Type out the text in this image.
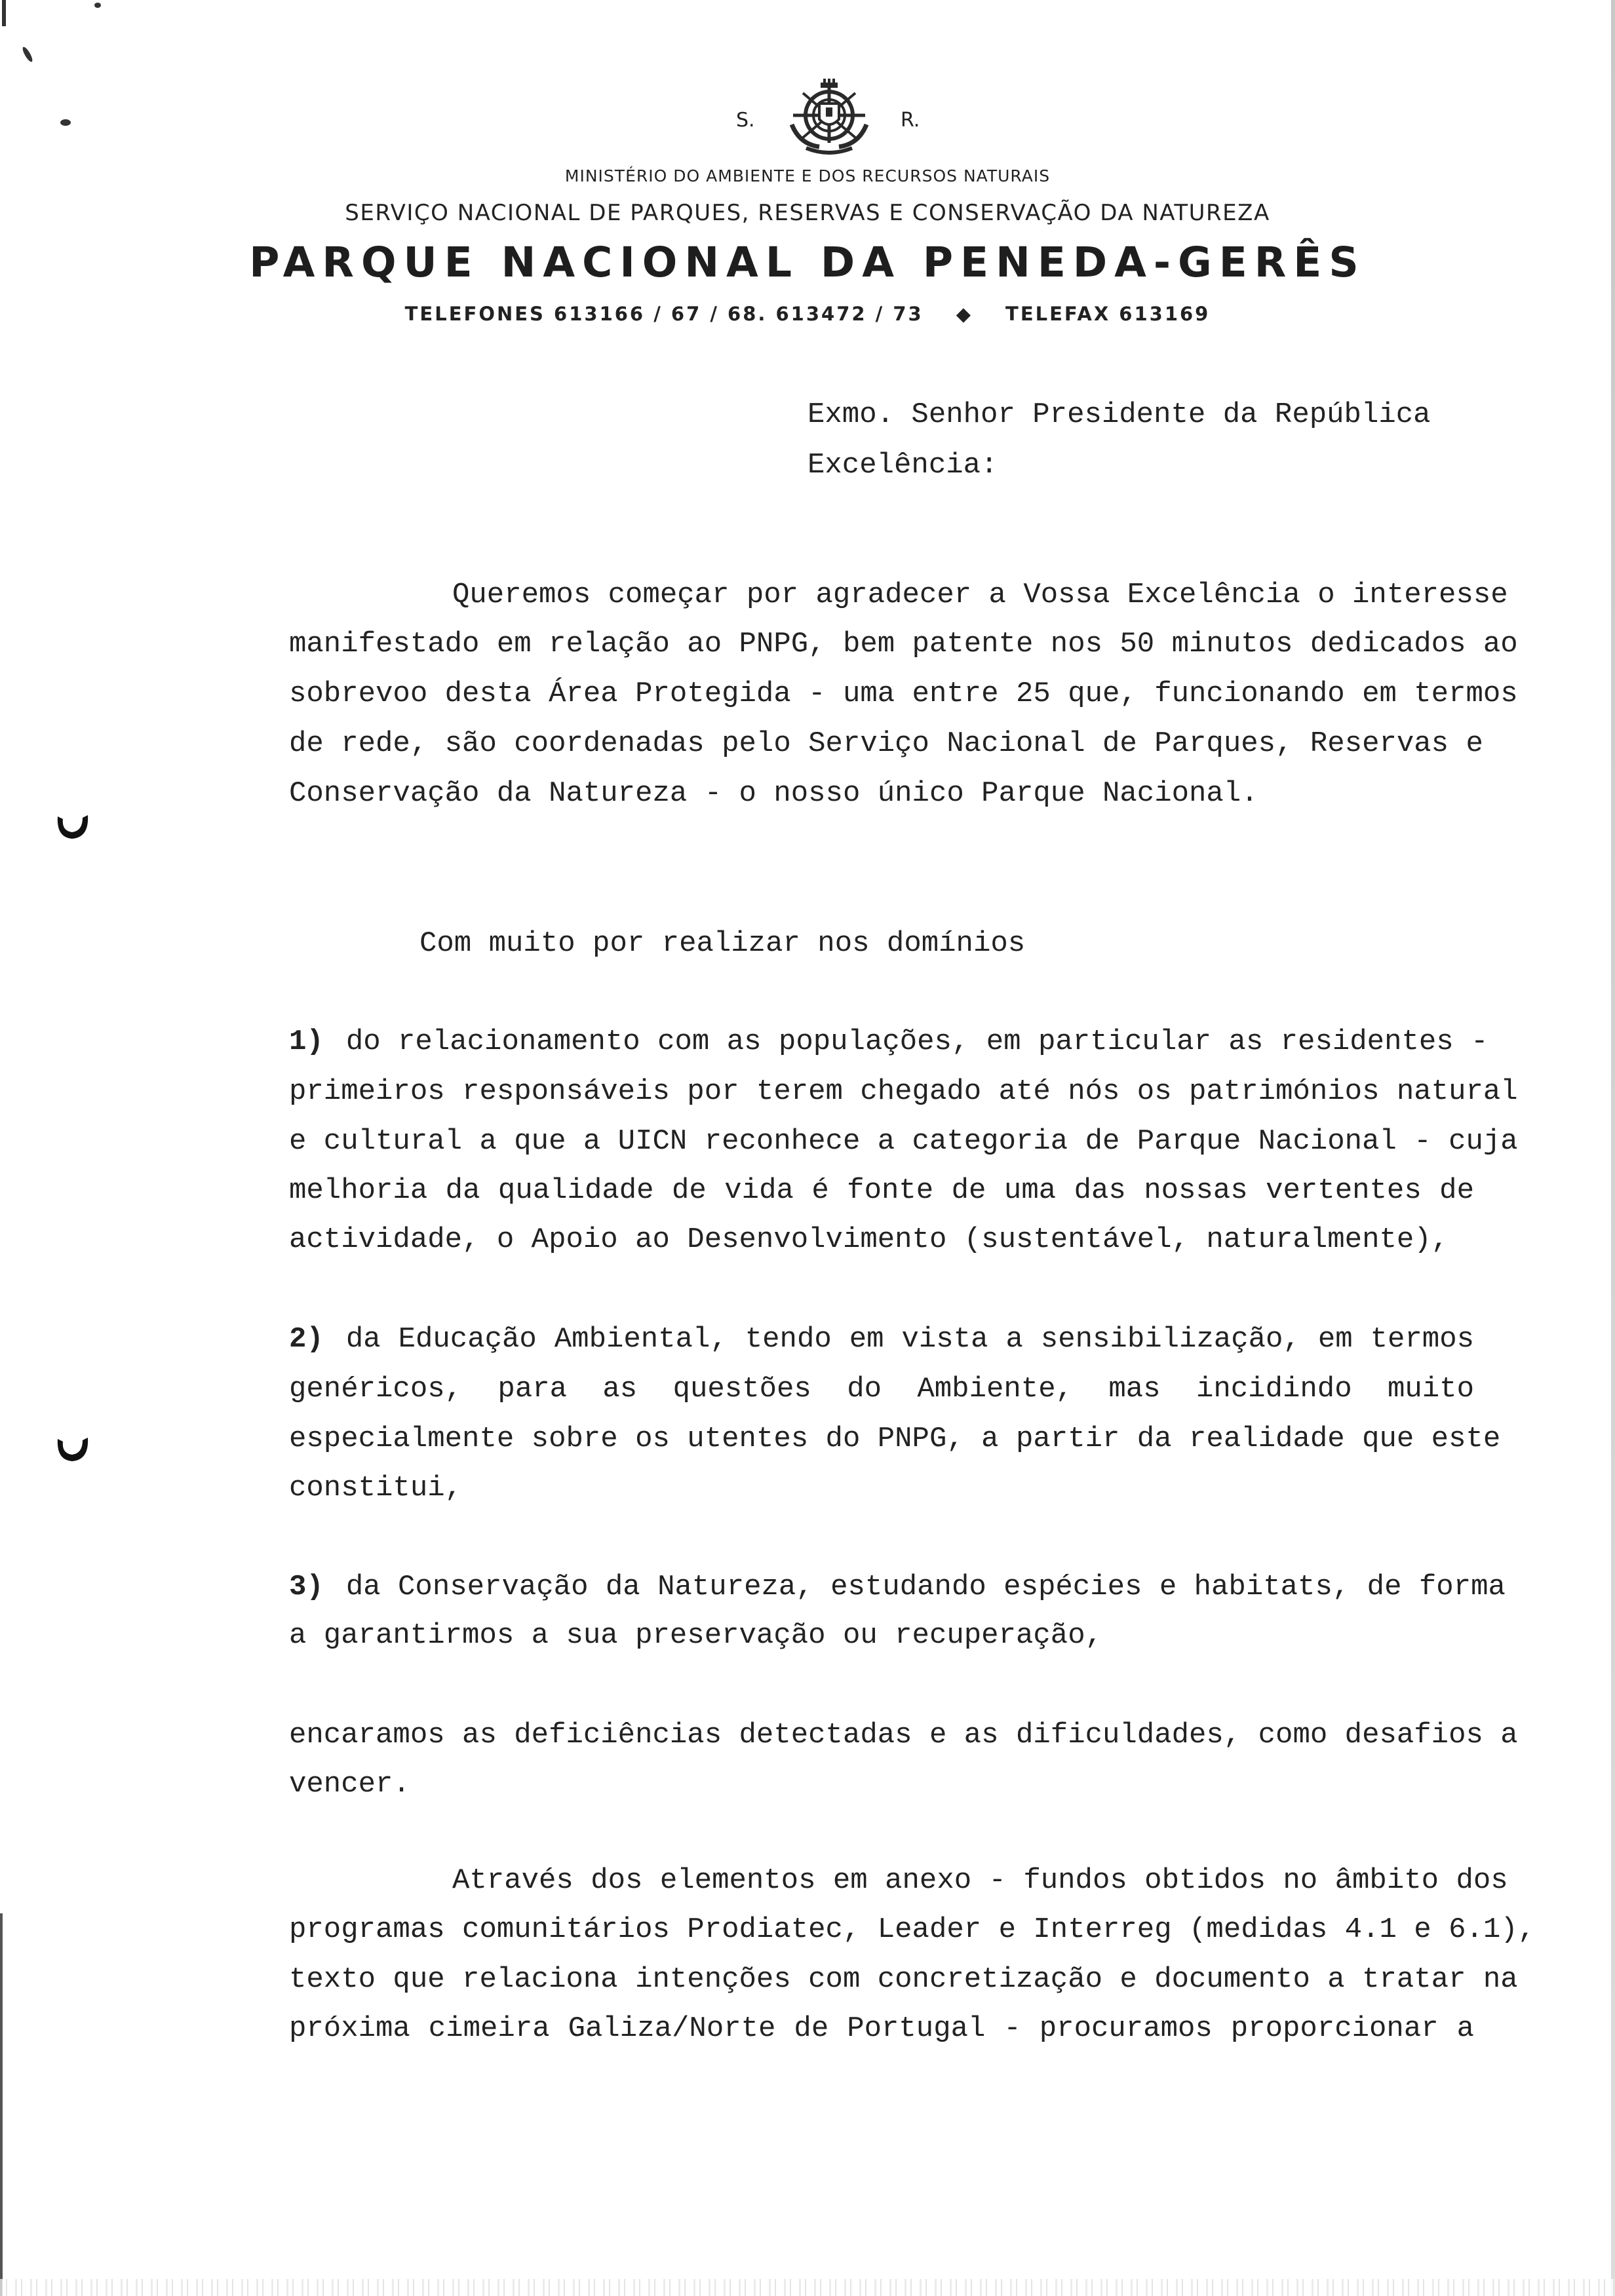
S.	R.
MINISTÉRIO DO AMBIENTE E DOS RECURSOS NATURAIS
SERVIÇO NACIONAL DE PARQUES, RESERVAS E CONSERVAÇÃO DA NATUREZA
PARQUE NACIONAL DA PENEDA-GERÊS
TELEFONES 613166 / 67 / 68. 613472 / 73 ◆ TELEFAX 613169
Exmo. Senhor Presidente da República
Excelência:
Queremos começar por agradecer a Vossa Excelência o interesse
manifestado em relação ao PNPG, bem patente nos 50 minutos dedicados ao
sobrevoo desta Área Protegida - uma entre 25 que, funcionando em termos
de rede, são coordenadas pelo Serviço Nacional de Parques, Reservas e
Conservação da Natureza - o nosso único Parque Nacional.
Com muito por realizar nos domínios
1) do relacionamento com as populações, em particular as residentes -
primeiros responsáveis por terem chegado até nós os patrimónios natural
e cultural a que a UICN reconhece a categoria de Parque Nacional - cuja
melhoria da qualidade de vida é fonte de uma das nossas vertentes de
actividade, o Apoio ao Desenvolvimento (sustentável, naturalmente),
2) da Educação Ambiental, tendo em vista a sensibilização, em termos
genéricos, para as questões do Ambiente, mas incidindo muito
especialmente sobre os utentes do PNPG, a partir da realidade que este
constitui,
3) da Conservação da Natureza, estudando espécies e habitats, de forma
a garantirmos a sua preservação ou recuperação,
encaramos as deficiências detectadas e as dificuldades, como desafios a
vencer.
Através dos elementos em anexo - fundos obtidos no âmbito dos
programas comunitários Prodiatec, Leader e Interreg (medidas 4.1 e 6.1),
texto que relaciona intenções com concretização e documento a tratar na
próxima cimeira Galiza/Norte de Portugal - procuramos proporcionar a
